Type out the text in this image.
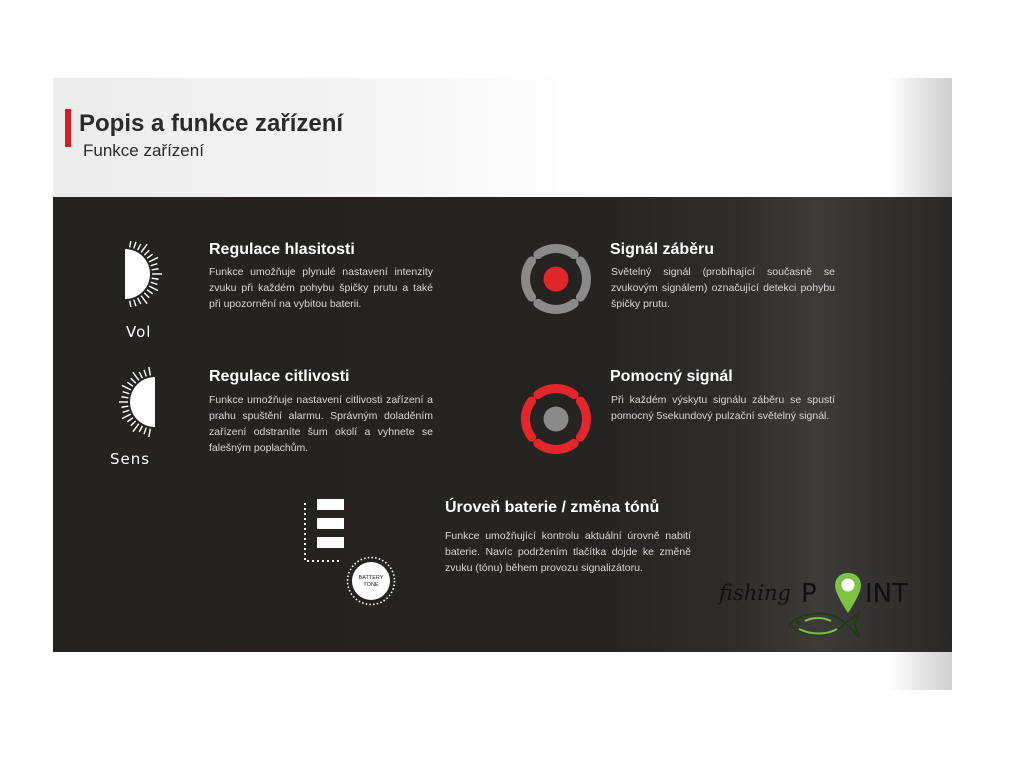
Popis a funkce zařízení
Funkce zařízení
Vol
Sens
Regulace hlasitosti
Funkce umožňuje plynulé nastavení intenzity zvuku při každém pohybu špičky prutu a také při upozornění na vybitou baterii.
Regulace citlivosti
Funkce umožňuje nastavení citlivosti zařízení a prahu spuštění alarmu. Správným doladěním zařízení odstraníte šum okolí a vyhnete se falešným poplachům.
Signál záběru
Světelný signál (probíhající současně se zvukovým signálem) označující detekci pohybu špičky prutu.
Pomocný signál
Při každém výskytu signálu záběru se spustí pomocný 5sekundový pulzační světelný signál.
BATTERY
TONE
Úroveň baterie / změna tónů
Funkce umožňující kontrolu aktuální úrovně nabití baterie. Navíc podržením tlačítka dojde ke změně zvuku (tónu) během provozu signalizátoru.
fishing P INT
